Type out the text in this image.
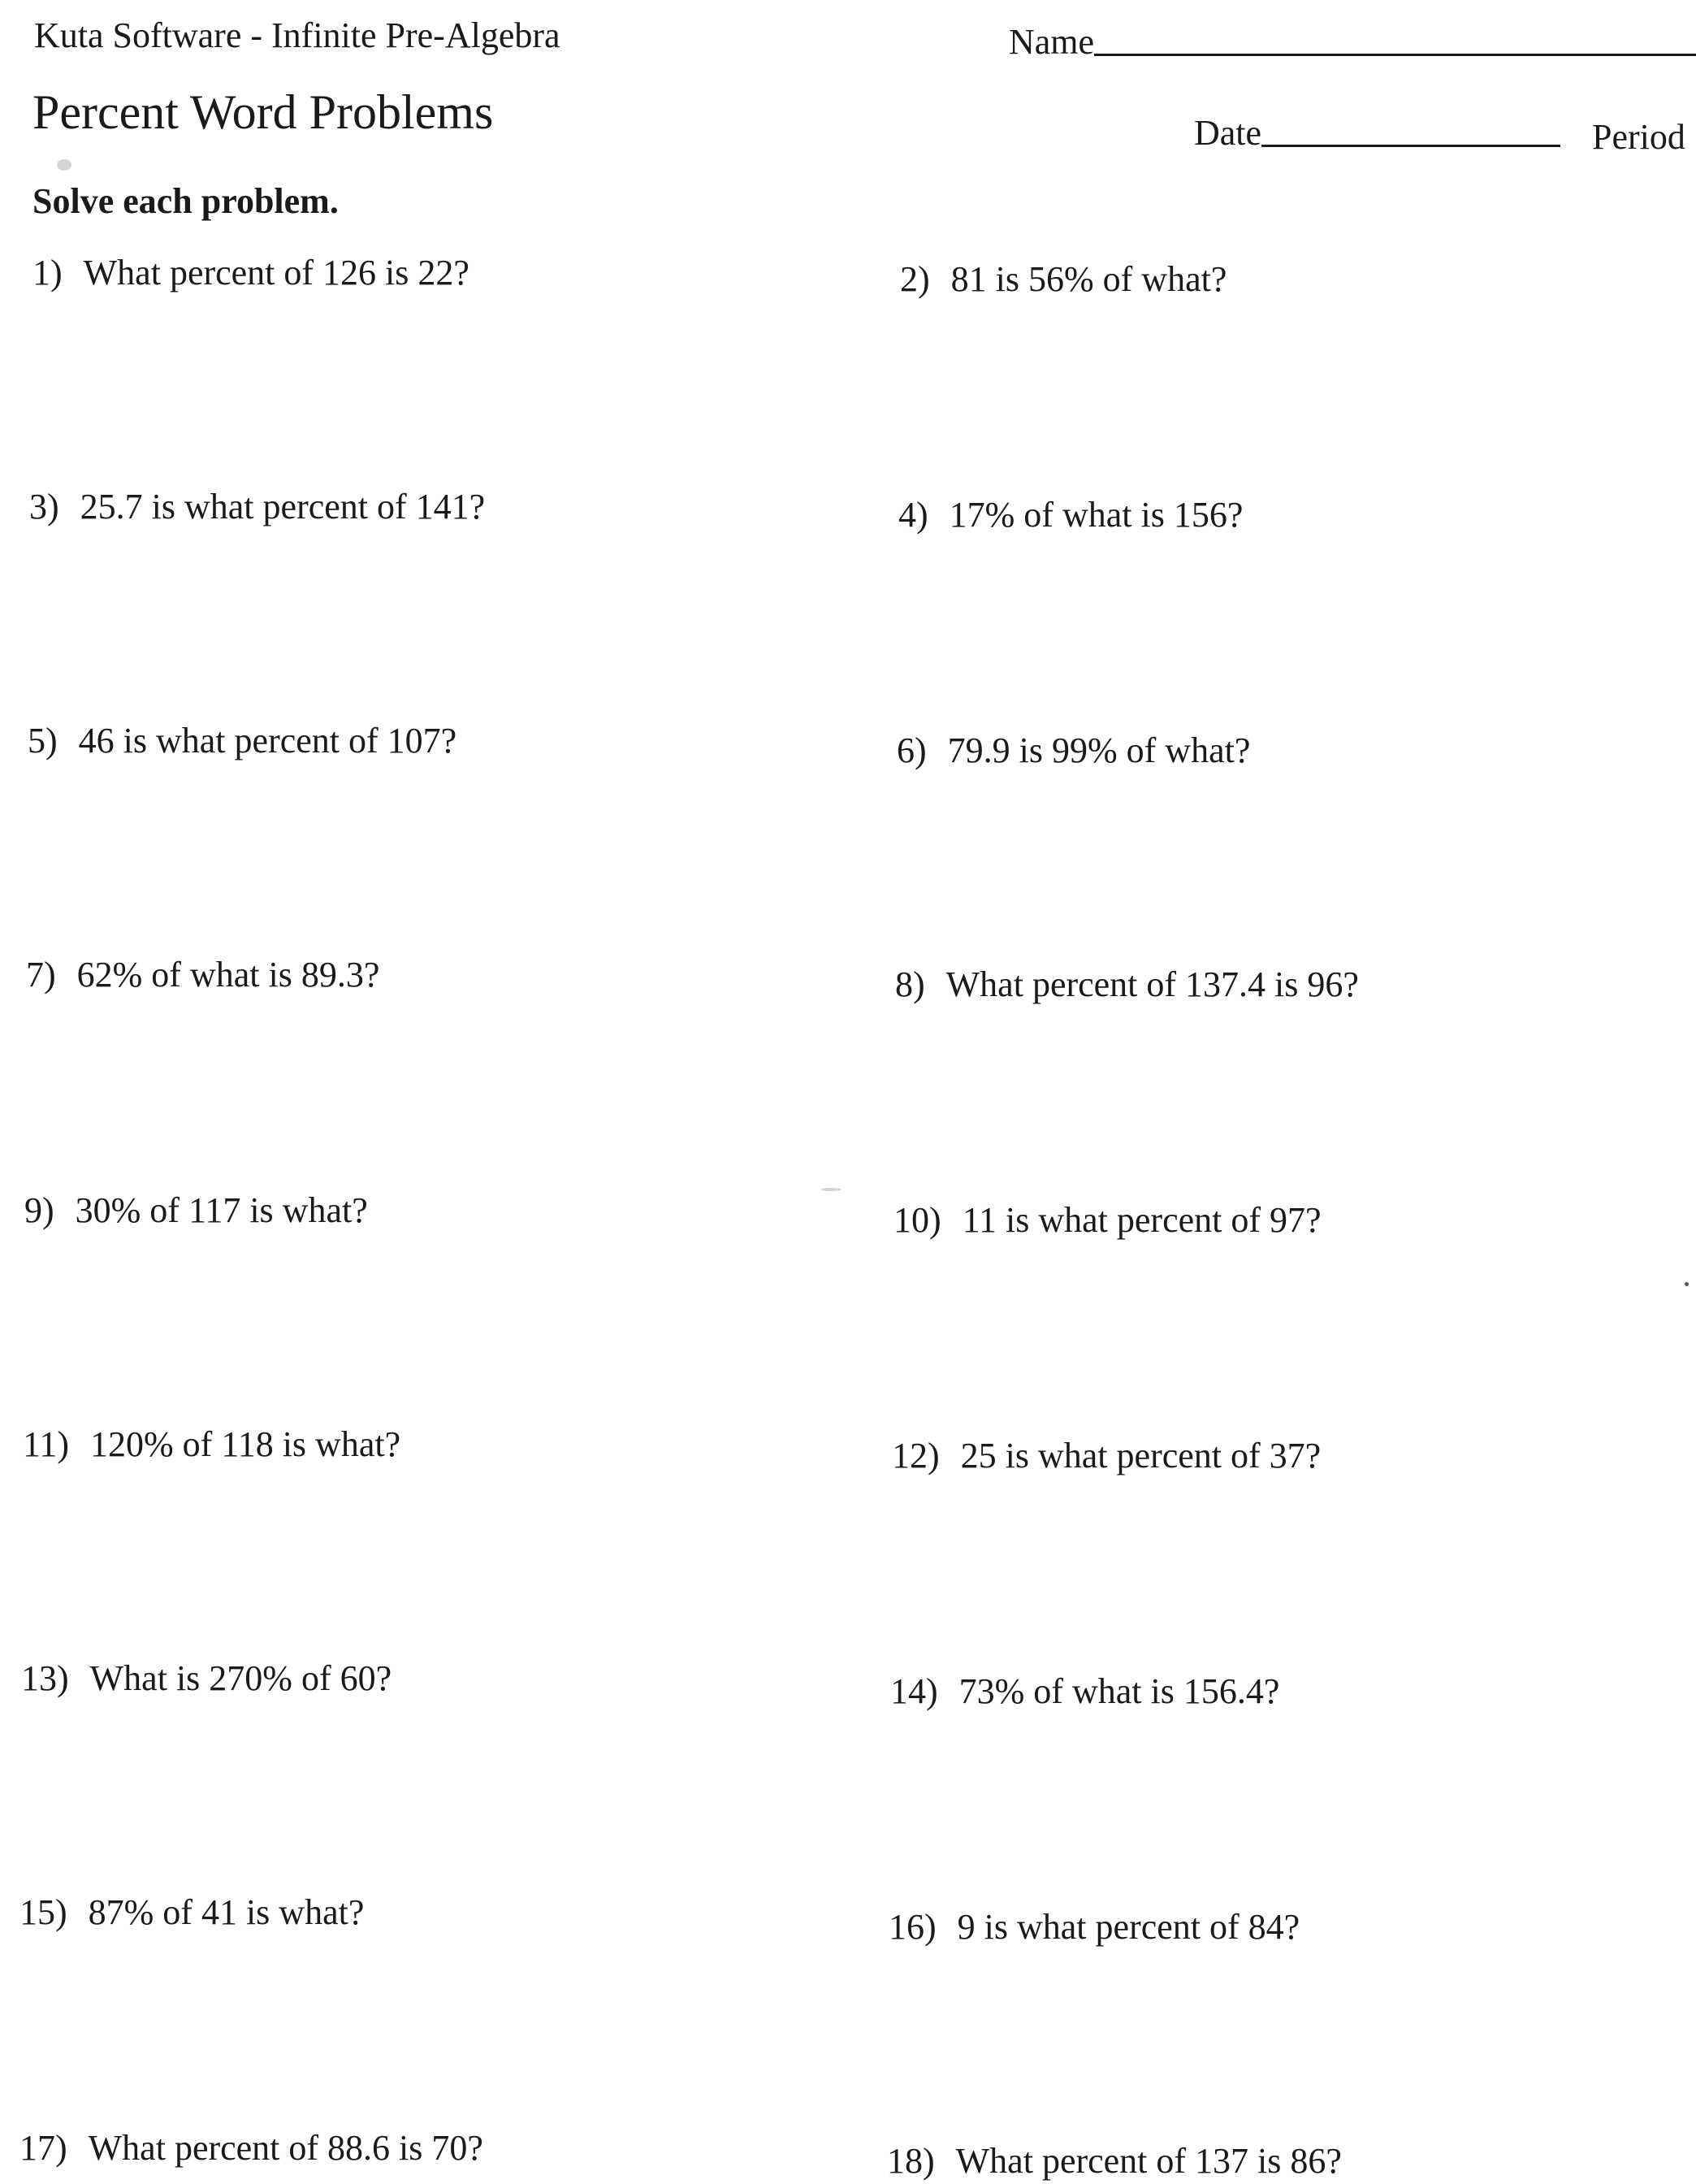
Kuta Software - Infinite Pre-Algebra
Percent Word Problems
Solve each problem.
Name
Date	Period
1) What percent of 126 is 22?
3) 25.7 is what percent of 141?
5) 46 is what percent of 107?
7) 62% of what is 89.3?
9) 30% of 117 is what?
11) 120% of 118 is what?
13) What is 270% of 60?
15) 87% of 41 is what?
17) What percent of 88.6 is 70?
2) 81 is 56% of what?
4) 17% of what is 156?
6) 79.9 is 99% of what?
8) What percent of 137.4 is 96?
10) 11 is what percent of 97?
12) 25 is what percent of 37?
14) 73% of what is 156.4?
16) 9 is what percent of 84?
18) What percent of 137 is 86?
